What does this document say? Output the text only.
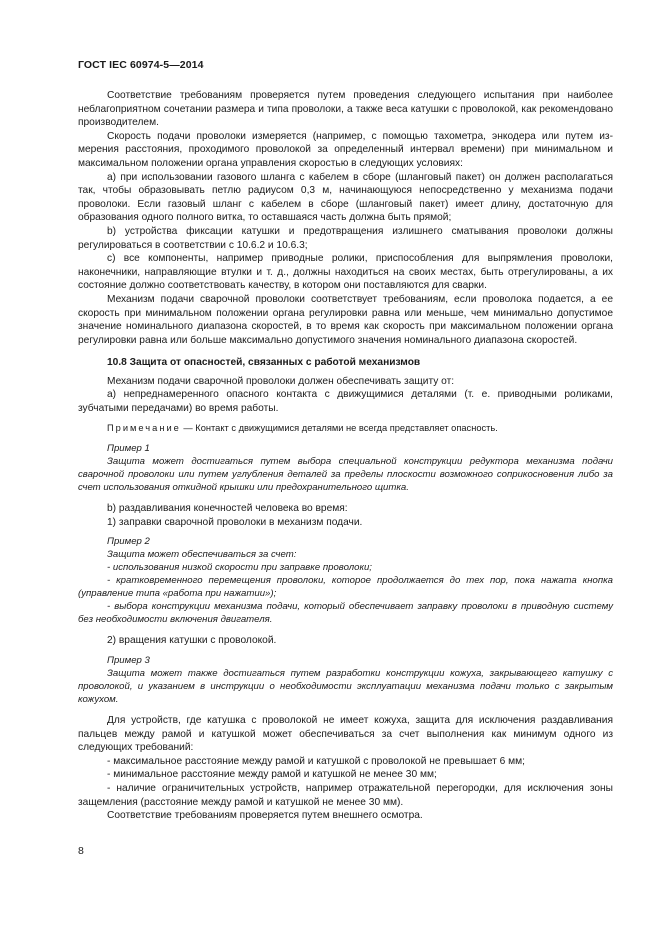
ГОСТ IEC 60974-5—2014

Соответствие требованиям проверяется путем проведения следующего испытания при наиболее неблагоприятном сочетании размера и типа проволоки, а также веса катушки с проволокой, как рекомендовано производителем.

Скорость подачи проволоки измеряется (например, с помощью тахометра, энкодера или путем измерения расстояния, проходимого проволокой за определенный интервал времени) при минимальном и максимальном положении органа управления скоростью в следующих условиях:

a) при использовании газового шланга с кабелем в сборе (шланговый пакет) он должен располагаться так, чтобы образовывать петлю радиусом 0,3 м, начинающуюся непосредственно у механизма подачи проволоки. Если газовый шланг с кабелем в сборе (шланговый пакет) имеет длину, достаточную для образования одного полного витка, то оставшаяся часть должна быть прямой;

b) устройства фиксации катушки и предотвращения излишнего сматывания проволоки должны регулироваться в соответствии с 10.6.2 и 10.6.3;

c) все компоненты, например приводные ролики, приспособления для выпрямления проволоки, наконечники, направляющие втулки и т. д., должны находиться на своих местах, быть отрегулированы, а их состояние должно соответствовать качеству, в котором они поставляются для сварки.

Механизм подачи сварочной проволоки соответствует требованиям, если проволока подается, а ее скорость при минимальном положении органа регулировки равна или меньше, чем минимально допустимое значение номинального диапазона скоростей, в то время как скорость при максимальном положении органа регулировки равна или больше максимально допустимого значения номинального диапазона скоростей.

10.8 Защита от опасностей, связанных с работой механизмов

Механизм подачи сварочной проволоки должен обеспечивать защиту от:

a) непреднамеренного опасного контакта с движущимися деталями (т. е. приводными роликами, зубчатыми передачами) во время работы.

Примечание — Контакт с движущимися деталями не всегда представляет опасность.

Пример 1

Защита может достигаться путем выбора специальной конструкции редуктора механизма подачи сварочной проволоки или путем углубления деталей за пределы плоскости возможного соприкосновения либо за счет использования откидной крышки или предохранительного щитка.

b) раздавливания конечностей человека во время:

1) заправки сварочной проволоки в механизм подачи.

Пример 2

Защита может обеспечиваться за счет:

- использования низкой скорости при заправке проволоки;

- кратковременного перемещения проволоки, которое продолжается до тех пор, пока нажата кнопка (управление типа «работа при нажатии»);

- выбора конструкции механизма подачи, который обеспечивает заправку проволоки в приводную систему без необходимости включения двигателя.

2) вращения катушки с проволокой.

Пример 3

Защита может также достигаться путем разработки конструкции кожуха, закрывающего катушку с проволокой, и указанием в инструкции о необходимости эксплуатации механизма подачи только с закрытым кожухом.

Для устройств, где катушка с проволокой не имеет кожуха, защита для исключения раздавливания пальцев между рамой и катушкой может обеспечиваться за счет выполнения как минимум одного из следующих требований:

- максимальное расстояние между рамой и катушкой с проволокой не превышает 6 мм;

- минимальное расстояние между рамой и катушкой не менее 30 мм;

- наличие ограничительных устройств, например отражательной перегородки, для исключения зоны защемления (расстояние между рамой и катушкой не менее 30 мм).

Соответствие требованиям проверяется путем внешнего осмотра.

8
